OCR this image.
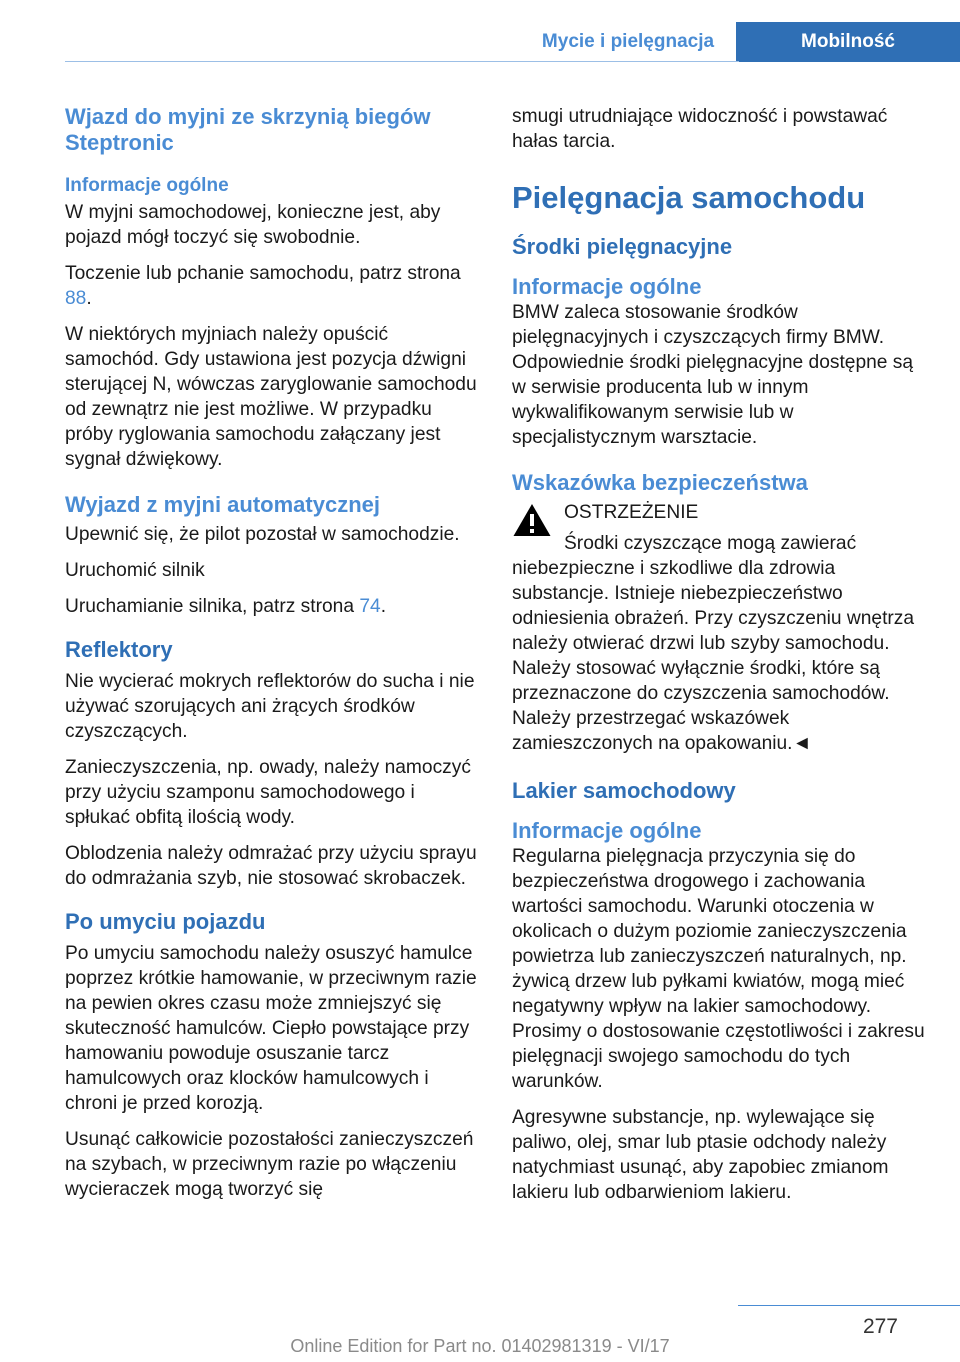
Mycie i pielęgnacja	Mobilność
Wjazd do myjni ze skrzynią biegów Steptronic
Informacje ogólne

W myjni samochodowej, konieczne jest, aby pojazd mógł toczyć się swobodnie.

Toczenie lub pchanie samochodu, patrz strona 88.

W niektórych myjniach należy opuścić samochód. Gdy ustawiona jest pozycja dźwigni sterującej N, wówczas zaryglowanie samochodu od zewnątrz nie jest możliwe. W przypadku próby ryglowania samochodu załączany jest sygnał dźwiękowy.

Wyjazd z myjni automatycznej

Upewnić się, że pilot pozostał w samochodzie.

Uruchomić silnik

Uruchamianie silnika, patrz strona 74.

Reflektory

Nie wycierać mokrych reflektorów do sucha i nie używać szorujących ani żrących środków czyszczących.

Zanieczyszczenia, np. owady, należy namoczyć przy użyciu szamponu samochodowego i spłukać obfitą ilością wody.

Oblodzenia należy odmrażać przy użyciu sprayu do odmrażania szyb, nie stosować skrobaczek.

Po umyciu pojazdu

Po umyciu samochodu należy osuszyć hamulce poprzez krótkie hamowanie, w przeciwnym razie na pewien okres czasu może zmniejszyć się skuteczność hamulców. Ciepło powstające przy hamowaniu powoduje osuszanie tarcz hamulcowych oraz klocków hamulcowych i chroni je przed korozją.

Usunąć całkowicie pozostałości zanieczyszczeń na szybach, w przeciwnym razie po włączeniu wycieraczek mogą tworzyć się

smugi utrudniające widoczność i powstawać hałas tarcia.

Pielęgnacja samochodu
Środki pielęgnacyjne
Informacje ogólne

BMW zaleca stosowanie środków pielęgnacyjnych i czyszczących firmy BMW. Odpowiednie środki pielęgnacyjne dostępne są w serwisie producenta lub w innym wykwalifikowanym serwisie lub w specjalistycznym warsztacie.

Wskazówka bezpieczeństwa

OSTRZEŻENIE

Środki czyszczące mogą zawierać niebezpieczne i szkodliwe dla zdrowia substancje. Istnieje niebezpieczeństwo odniesienia obrażeń. Przy czyszczeniu wnętrza należy otwierać drzwi lub szyby samochodu. Należy stosować wyłącznie środki, które są przeznaczone do czyszczenia samochodów. Należy przestrzegać wskazówek zamieszczonych na opakowaniu.◄

Lakier samochodowy
Informacje ogólne

Regularna pielęgnacja przyczynia się do bezpieczeństwa drogowego i zachowania wartości samochodu. Warunki otoczenia w okolicach o dużym poziomie zanieczyszczenia powietrza lub zanieczyszczeń naturalnych, np. żywicą drzew lub pyłkami kwiatów, mogą mieć negatywny wpływ na lakier samochodowy. Prosimy o dostosowanie częstotliwości i zakresu pielęgnacji swojego samochodu do tych warunków.

Agresywne substancje, np. wylewające się paliwo, olej, smar lub ptasie odchody należy natychmiast usunąć, aby zapobiec zmianom lakieru lub odbarwieniom lakieru.

277
Online Edition for Part no. 01402981319 - VI/17
